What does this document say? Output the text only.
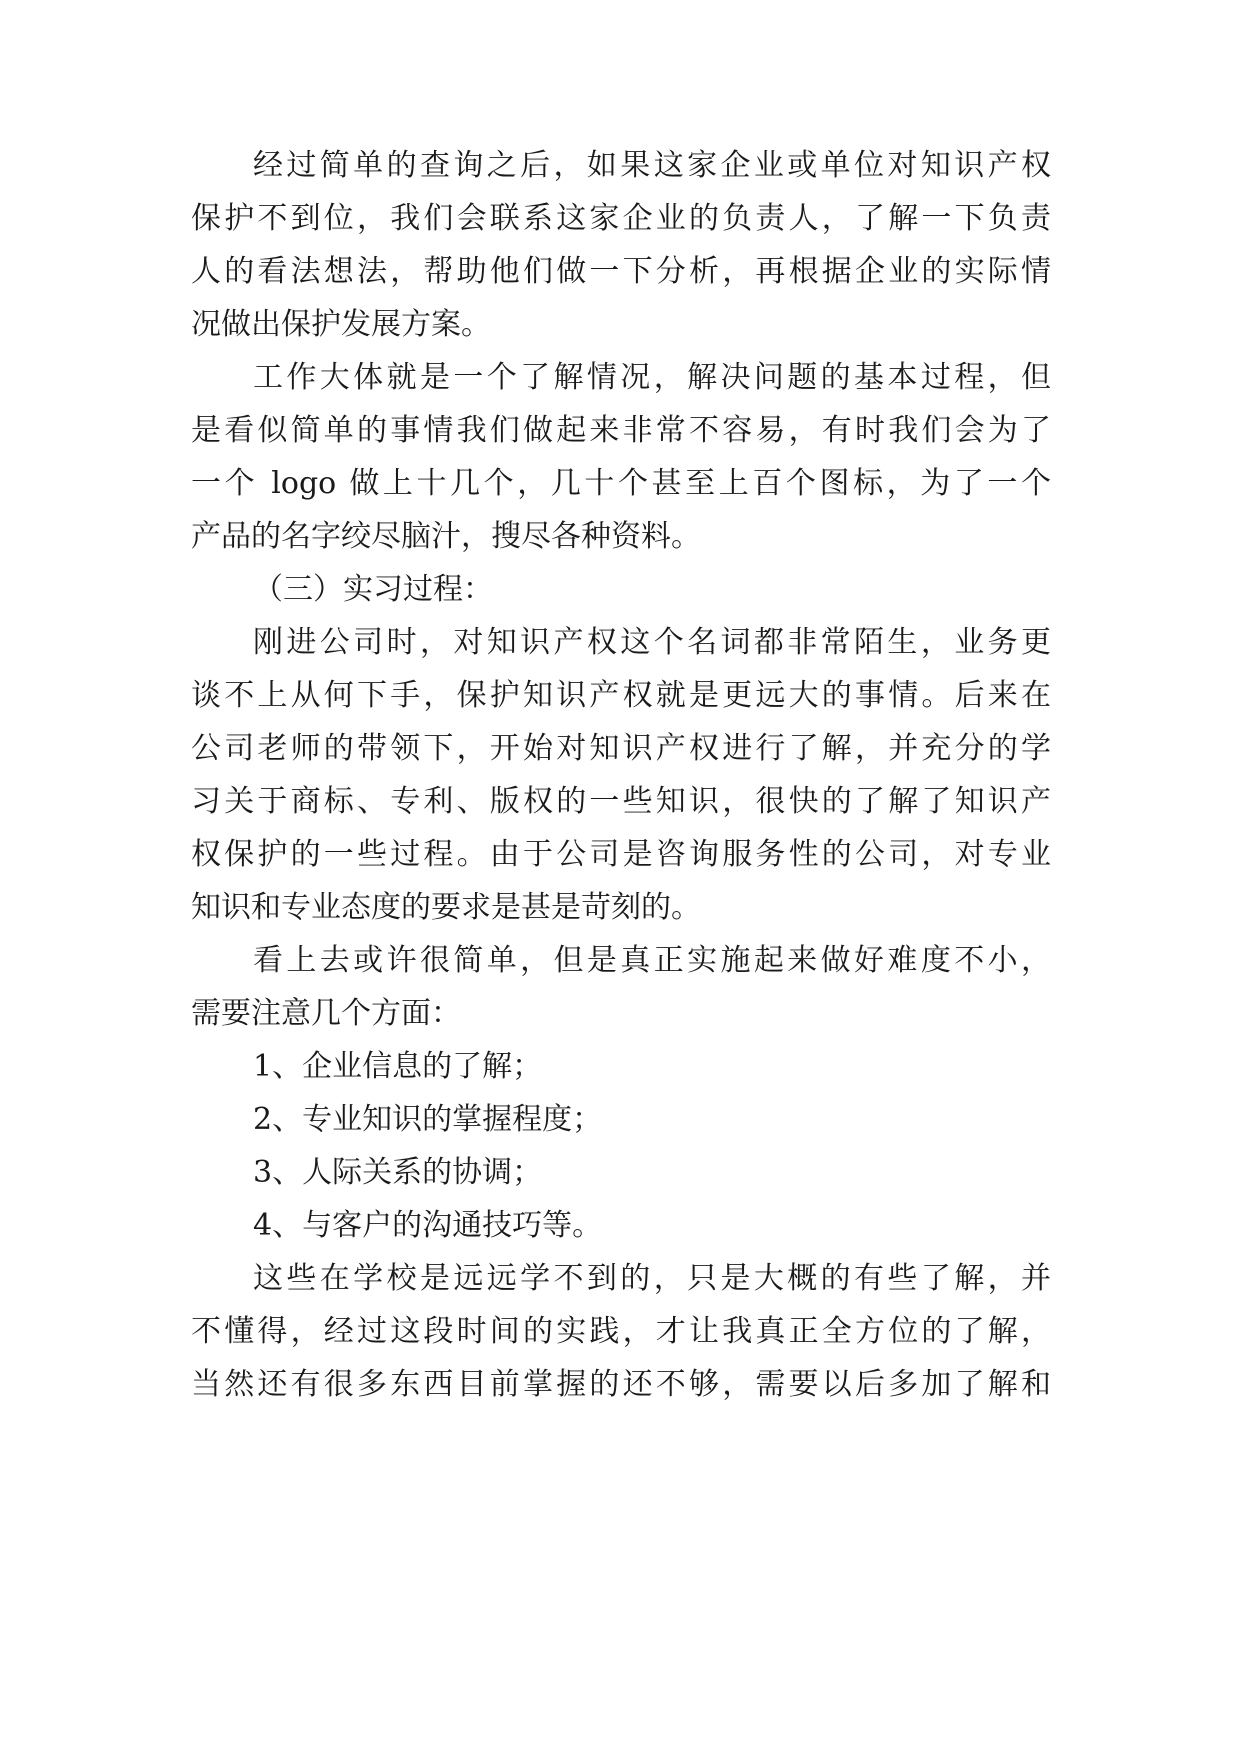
经过简单的查询之后，如果这家企业或单位对知识产权
保护不到位，我们会联系这家企业的负责人，了解一下负责
人的看法想法，帮助他们做一下分析，再根据企业的实际情
况做出保护发展方案。
工作大体就是一个了解情况，解决问题的基本过程，但
是看似简单的事情我们做起来非常不容易，有时我们会为了
一个 logo 做上十几个，几十个甚至上百个图标，为了一个
产品的名字绞尽脑汁，搜尽各种资料。
（三）实习过程：
刚进公司时，对知识产权这个名词都非常陌生，业务更
谈不上从何下手，保护知识产权就是更远大的事情。后来在
公司老师的带领下，开始对知识产权进行了解，并充分的学
习关于商标、专利、版权的一些知识，很快的了解了知识产
权保护的一些过程。由于公司是咨询服务性的公司，对专业
知识和专业态度的要求是甚是苛刻的。
看上去或许很简单，但是真正实施起来做好难度不小，
需要注意几个方面：
1、企业信息的了解；
2、专业知识的掌握程度；
3、人际关系的协调；
4、与客户的沟通技巧等。
这些在学校是远远学不到的，只是大概的有些了解，并
不懂得，经过这段时间的实践，才让我真正全方位的了解，
当然还有很多东西目前掌握的还不够，需要以后多加了解和
